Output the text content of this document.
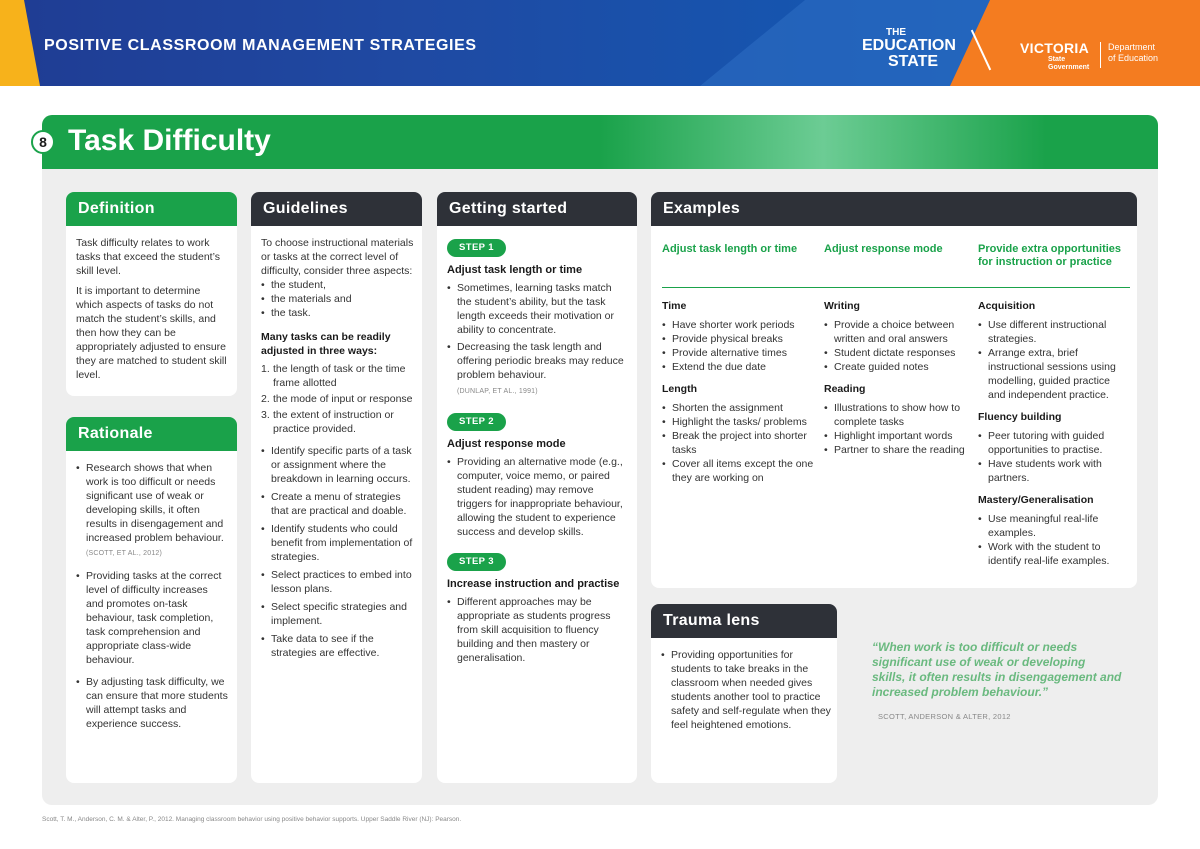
POSITIVE CLASSROOM MANAGEMENT STRATEGIES
THE
EDUCATION
STATE
VICTORIA
State
Government
Department
of Education
8 Task Difficulty
Definition

Task difficulty relates to work tasks that exceed the student’s skill level.

It is important to determine which aspects of tasks do not match the student’s skills, and then how they can be appropriately adjusted to ensure they are matched to student skill level.

Rationale
• Research shows that when work is too difficult or needs significant use of weak or developing skills, it often results in disengagement and increased problem behaviour. (SCOTT, ET AL., 2012)
• Providing tasks at the correct level of difficulty increases and promotes on-task behaviour, task completion, task comprehension and appropriate class-wide behaviour.
• By adjusting task difficulty, we can ensure that more students will attempt tasks and experience success.
Guidelines

To choose instructional materials or tasks at the correct level of difficulty, consider three aspects:

• the student,
• the materials and
• the task.

Many tasks can be readily adjusted in three ways:

1. the length of task or the time frame allotted
2. the mode of input or response
3. the extent of instruction or practice provided.
• Identify specific parts of a task or assignment where the breakdown in learning occurs.
• Create a menu of strategies that are practical and doable.
• Identify students who could benefit from implementation of strategies.
• Select practices to embed into lesson plans.
• Select specific strategies and implement.
• Take data to see if the strategies are effective.
Getting started
STEP 1
Adjust task length or time
• Sometimes, learning tasks match the student’s ability, but the task length exceeds their motivation or ability to concentrate.
• Decreasing the task length and offering periodic breaks may reduce problem behaviour.
(DUNLAP, ET AL., 1991)
STEP 2
Adjust response mode
• Providing an alternative mode (e.g., computer, voice memo, or paired student reading) may remove triggers for inappropriate behaviour, allowing the student to experience success and develop skills.
STEP 3
Increase instruction and practise
• Different approaches may be appropriate as students progress from skill acquisition to fluency building and then mastery or generalisation.
Examples
Adjust task length or time	Adjust response mode	Provide extra opportunities for instruction or practice
Time
• Have shorter work periods
• Provide physical breaks
• Provide alternative times
• Extend the due date
Length
• Shorten the assignment
• Highlight the tasks/ problems
• Break the project into shorter tasks
• Cover all items except the one they are working on
Writing
• Provide a choice between written and oral answers
• Student dictate responses
• Create guided notes
Reading
• Illustrations to show how to complete tasks
• Highlight important words
• Partner to share the reading
Acquisition
• Use different instructional strategies.
• Arrange extra, brief instructional sessions using modelling, guided practice and independent practice.
Fluency building
• Peer tutoring with guided opportunities to practise.
• Have students work with partners.
Mastery/Generalisation
• Use meaningful real-life examples.
• Work with the student to identify real-life examples.
Trauma lens
• Providing opportunities for students to take breaks in the classroom when needed gives students another tool to practice safety and self-regulate when they feel heightened emotions.
“When work is too difficult or needs significant use of weak or developing skills, it often results in disengagement and increased problem behaviour.”
SCOTT, ANDERSON & ALTER, 2012
Scott, T. M., Anderson, C. M. & Alter, P., 2012. Managing classroom behavior using positive behavior supports. Upper Saddle River (NJ): Pearson.
